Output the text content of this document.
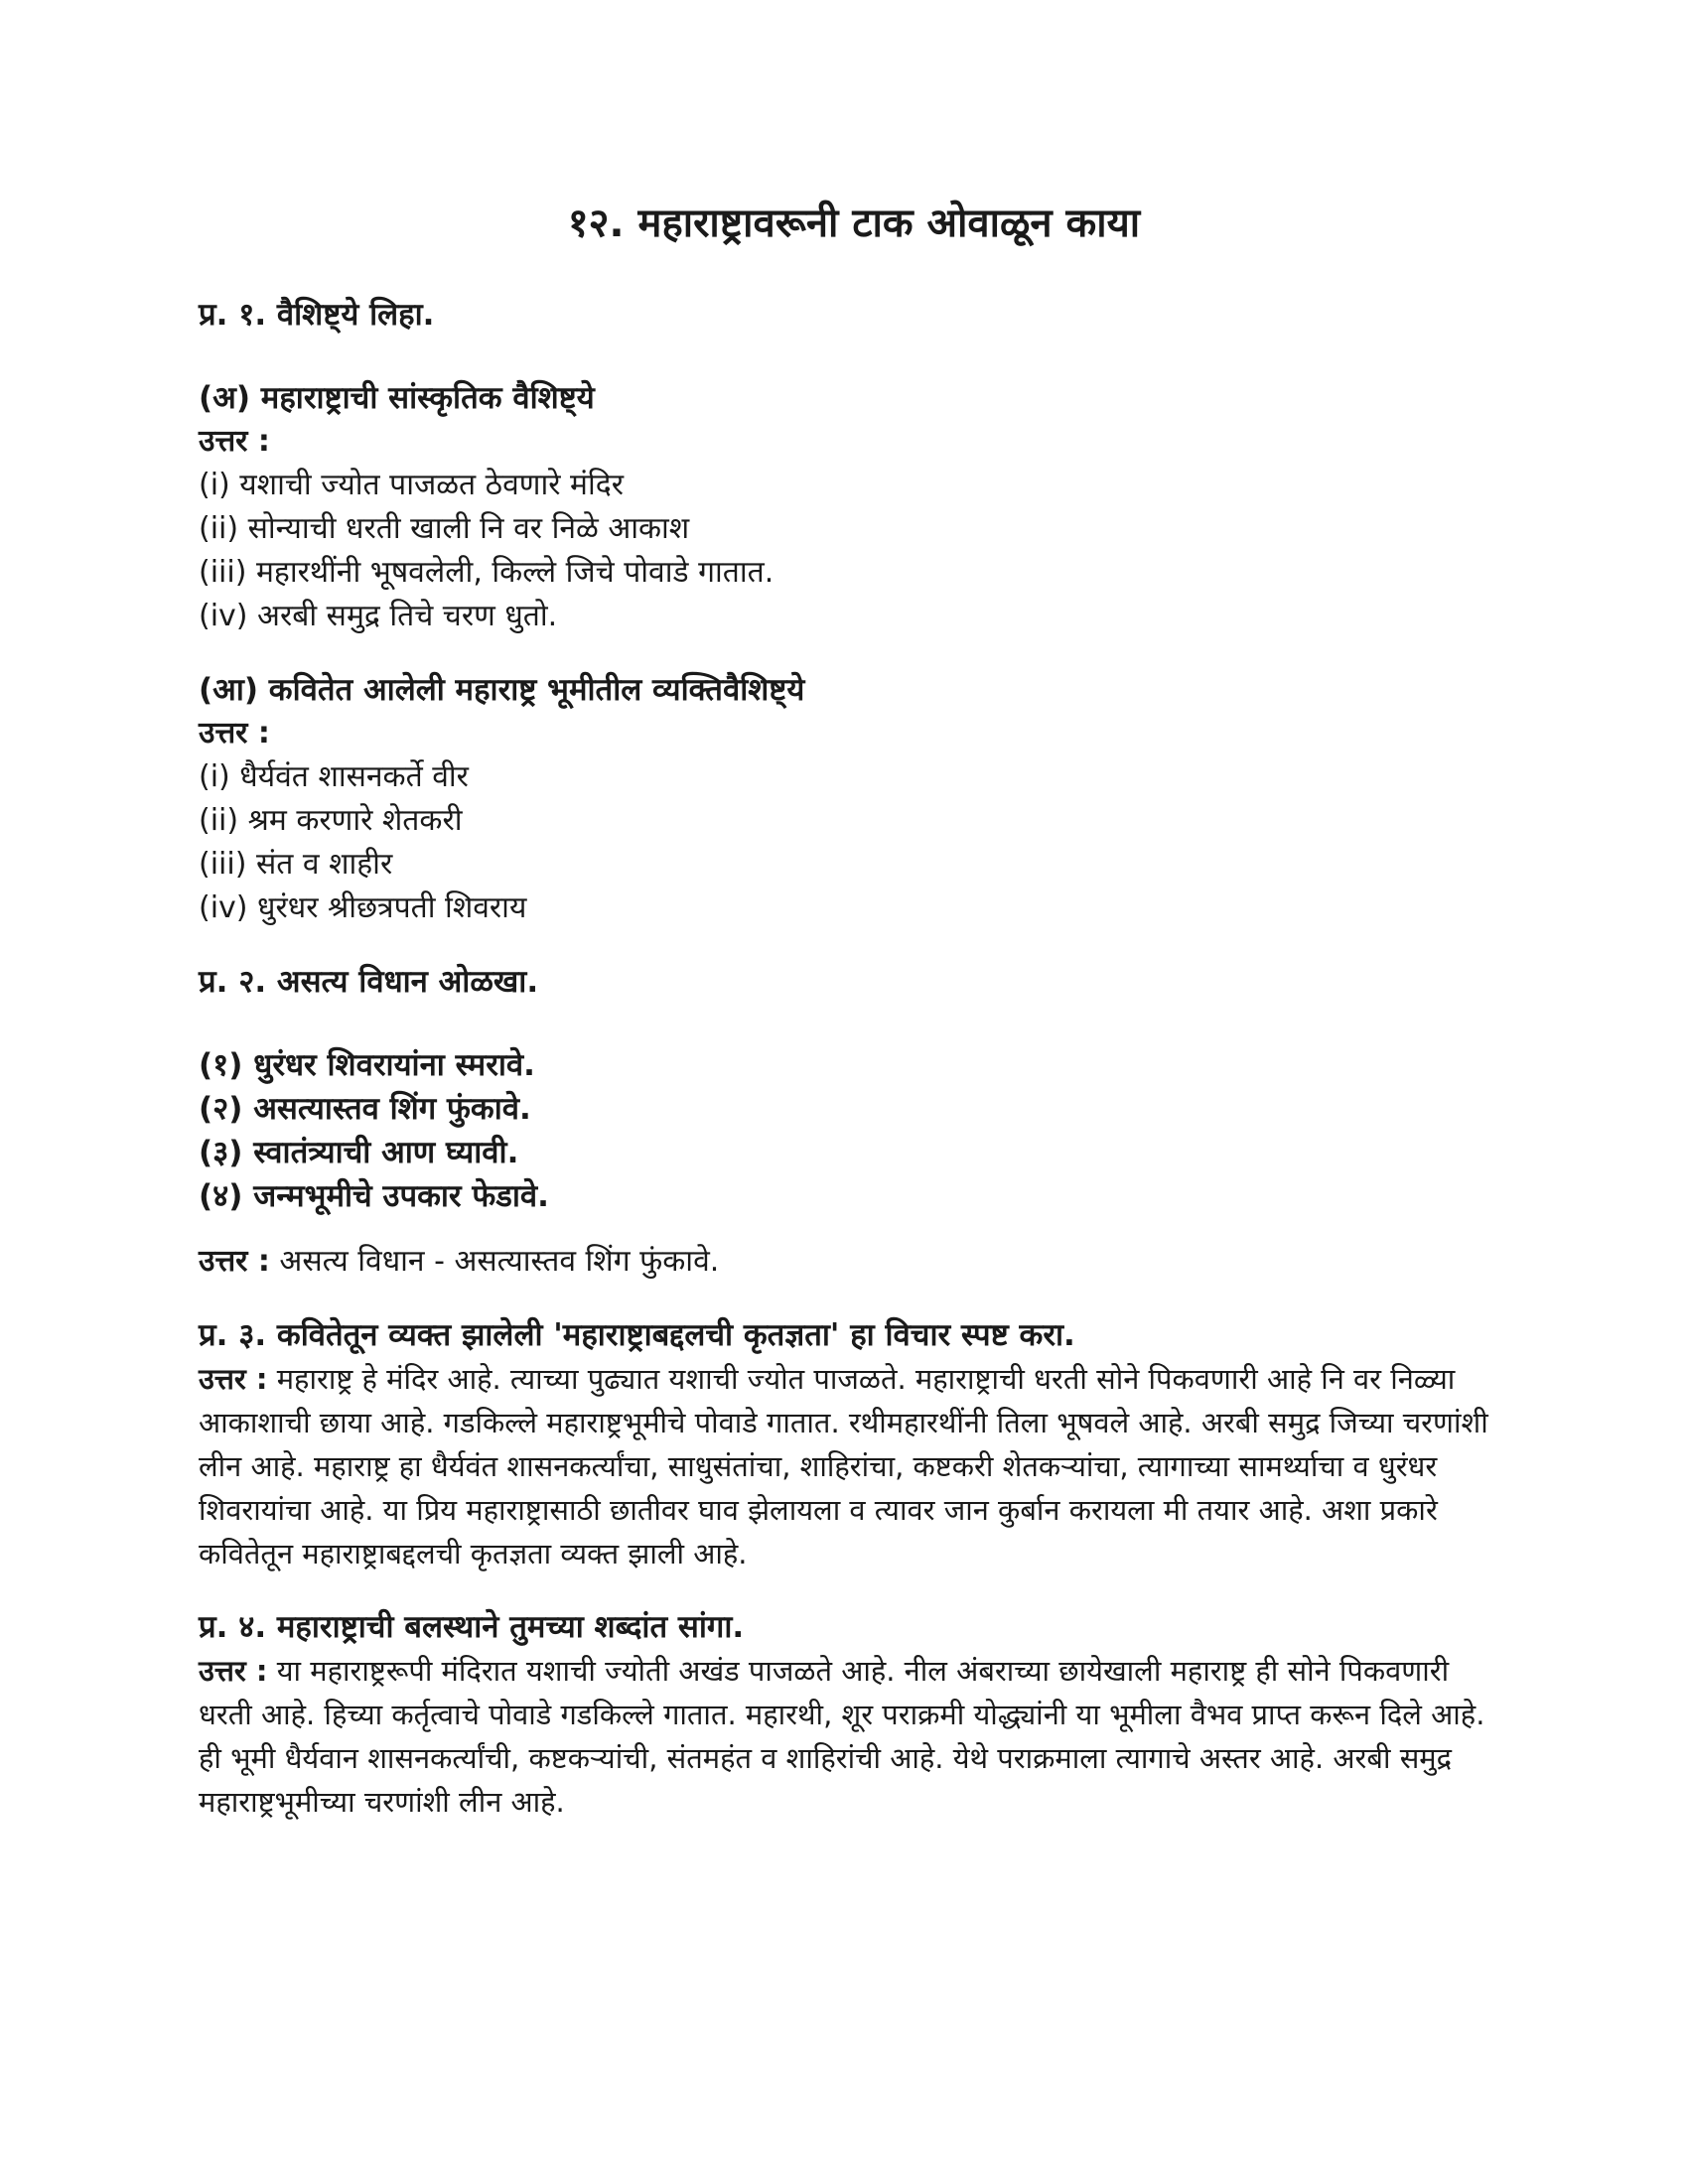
१२. महाराष्ट्रावरूनी टाक ओवाळून काया

प्र. १. वैशिष्ट्ये लिहा.

(अ) महाराष्ट्राची सांस्कृतिक वैशिष्ट्ये

उत्तर :

(i) यशाची ज्योत पाजळत ठेवणारे मंदिर

(ii) सोन्याची धरती खाली नि वर निळे आकाश

(iii) महारथींनी भूषवलेली, किल्ले जिचे पोवाडे गातात.

(iv) अरबी समुद्र तिचे चरण धुतो.

(आ) कवितेत आलेली महाराष्ट्र भूमीतील व्यक्तिवैशिष्ट्ये

उत्तर :

(i) धैर्यवंत शासनकर्ते वीर

(ii) श्रम करणारे शेतकरी

(iii) संत व शाहीर

(iv) धुरंधर श्रीछत्रपती शिवराय

प्र. २. असत्य विधान ओळखा.

(१) धुरंधर शिवरायांना स्मरावे.

(२) असत्यास्तव शिंग फुंकावे.

(३) स्वातंत्र्याची आण घ्यावी.

(४) जन्मभूमीचे उपकार फेडावे.

उत्तर : असत्य विधान - असत्यास्तव शिंग फुंकावे.

प्र. ३. कवितेतून व्यक्त झालेली 'महाराष्ट्राबद्दलची कृतज्ञता' हा विचार स्पष्ट करा.

उत्तर : महाराष्ट्र हे मंदिर आहे. त्याच्या पुढ्यात यशाची ज्योत पाजळते. महाराष्ट्राची धरती सोने पिकवणारी आहे नि वर निळ्या आकाशाची छाया आहे. गडकिल्ले महाराष्ट्रभूमीचे पोवाडे गातात. रथीमहारथींनी तिला भूषवले आहे. अरबी समुद्र जिच्या चरणांशी लीन आहे. महाराष्ट्र हा धैर्यवंत शासनकर्त्यांचा, साधुसंतांचा, शाहिरांचा, कष्टकरी शेतकऱ्यांचा, त्यागाच्या सामर्थ्याचा व धुरंधर शिवरायांचा आहे. या प्रिय महाराष्ट्रासाठी छातीवर घाव झेलायला व त्यावर जान कुर्बान करायला मी तयार आहे. अशा प्रकारे कवितेतून महाराष्ट्राबद्दलची कृतज्ञता व्यक्त झाली आहे.

प्र. ४. महाराष्ट्राची बलस्थाने तुमच्या शब्दांत सांगा.

उत्तर : या महाराष्ट्ररूपी मंदिरात यशाची ज्योती अखंड पाजळते आहे. नील अंबराच्या छायेखाली महाराष्ट्र ही सोने पिकवणारी धरती आहे. हिच्या कर्तृत्वाचे पोवाडे गडकिल्ले गातात. महारथी, शूर पराक्रमी योद्ध्यांनी या भूमीला वैभव प्राप्त करून दिले आहे. ही भूमी धैर्यवान शासनकर्त्यांची, कष्टकऱ्यांची, संतमहंत व शाहिरांची आहे. येथे पराक्रमाला त्यागाचे अस्तर आहे. अरबी समुद्र महाराष्ट्रभूमीच्या चरणांशी लीन आहे.
